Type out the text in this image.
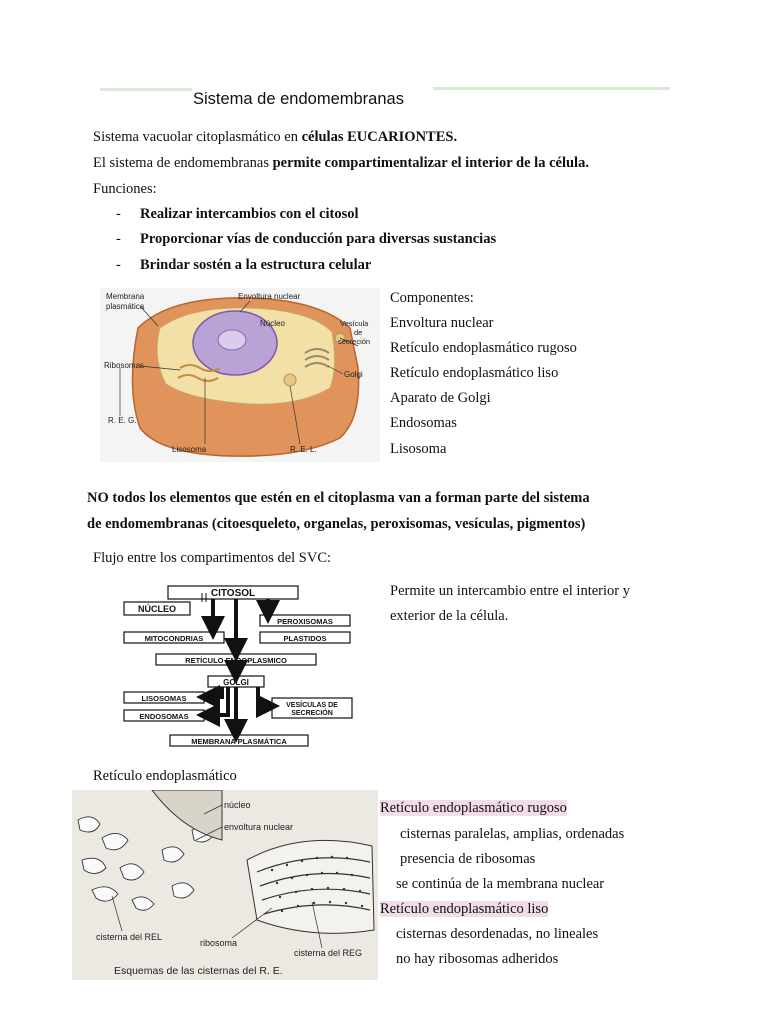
Sistema de endomembranas
Sistema vacuolar citoplasmático en células EUCARIONTES.
El sistema de endomembranas permite compartimentalizar el interior de la célula.
Funciones:
- Realizar intercambios con el citosol
- Proporcionar vías de conducción para diversas sustancias
- Brindar sostén a la estructura celular
Membrana
plasmática
Envoltura nuclear
Núcleo	Vesícula
de
secreción
Ribosomas
Golgi
R. E. G.
Lisosoma	R. E. L.
Componentes:
Envoltura nuclear
Retículo endoplasmático rugoso
Retículo endoplasmático liso
Aparato de Golgi
Endosomas
Lisosoma
NO todos los elementos que estén en el citoplasma van a forman parte del sistema
de endomembranas (citoesqueleto, organelas, peroxisomas, vesículas, pigmentos)
Flujo entre los compartimentos del SVC:
CITOSOL
NÚCLEO
PEROXISOMAS
MITOCONDRIAS	PLASTIDOS
RETÍCULO ENDOPLASMICO
GOLGI
LISOSOMAS
ENDOSOMAS
VESÍCULAS DE
SECRECIÓN
MEMBRANA PLASMÁTICA
Permite un intercambio entre el interior y
exterior de la célula.
Retículo endoplasmático
núcleo
envoltura nuclear
cisterna del REL
ribosoma
cisterna del REG
Esquemas de las cisternas del R. E.
Retículo endoplasmático rugoso
cisternas paralelas, amplias, ordenadas
presencia de ribosomas
se continúa de la membrana nuclear
Retículo endoplasmático liso
cisternas desordenadas, no lineales
no hay ribosomas adheridos
